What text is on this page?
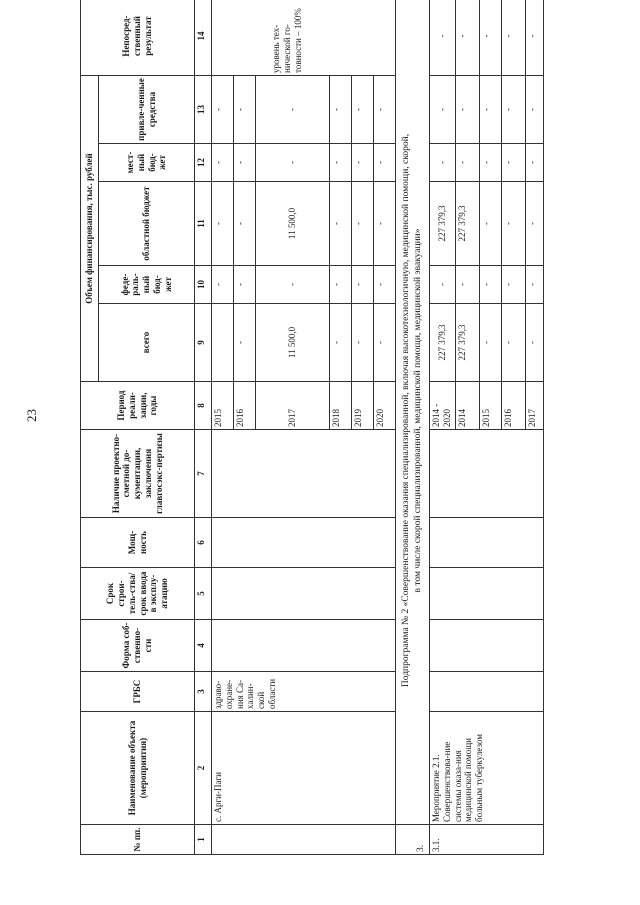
23
№ пп.	Наименование объекта (мероприятия)	ГРБС	Форма соб-ственно-сти	Срок строи-тель-ства/срок ввода в эксплу-атацию	Мощ-ность	Наличие проектно-сметной до-кументации, заключения главгосэкс-пертизы	Период реали-зации, годы	Объем финансирования, тыс. рублей					Непосред-ственный результат
								всего	феде-раль-ный бюд-жет	областной бюджет	мест-ный бюд-жет	привле-ченные средства	
1	2	3	4	5	6	7	8	9	10	11	12	13	14
	с. Арги-Паги	здраво-охране-ния Са-халин-ской области					2015		-	-	-	-	уровень тех-нической го-товности – 100%

							2016	-	-	-	-	-	
							2017	11 500,0	-	11 500,0	-	-	
							2018	-	-	-	-	-	
							2019	-	-	-	-	-	
							2020	-	-	-	-	-	
3.	Подпрограмма № 2 «Совершенствование оказания специализированной, включая высокотехнологичную, медицинской помощи, скорой, в том числе скорой специализированной, медицинской помощи, медицинской эвакуации»												

3.1.	Мероприятие 2.1. Совершенствова-ние системы оказа-ния медицинской помощи больным туберкулезом						2014 - 2020	227 379,3	-	227 379,3	-	-	-
							2014	227 379,3	-	227 379,3	-	-	-
							2015	-	-	-	-	-	-
							2016	-	-	-	-	-	-
							2017	-	-	-	-	-	-
